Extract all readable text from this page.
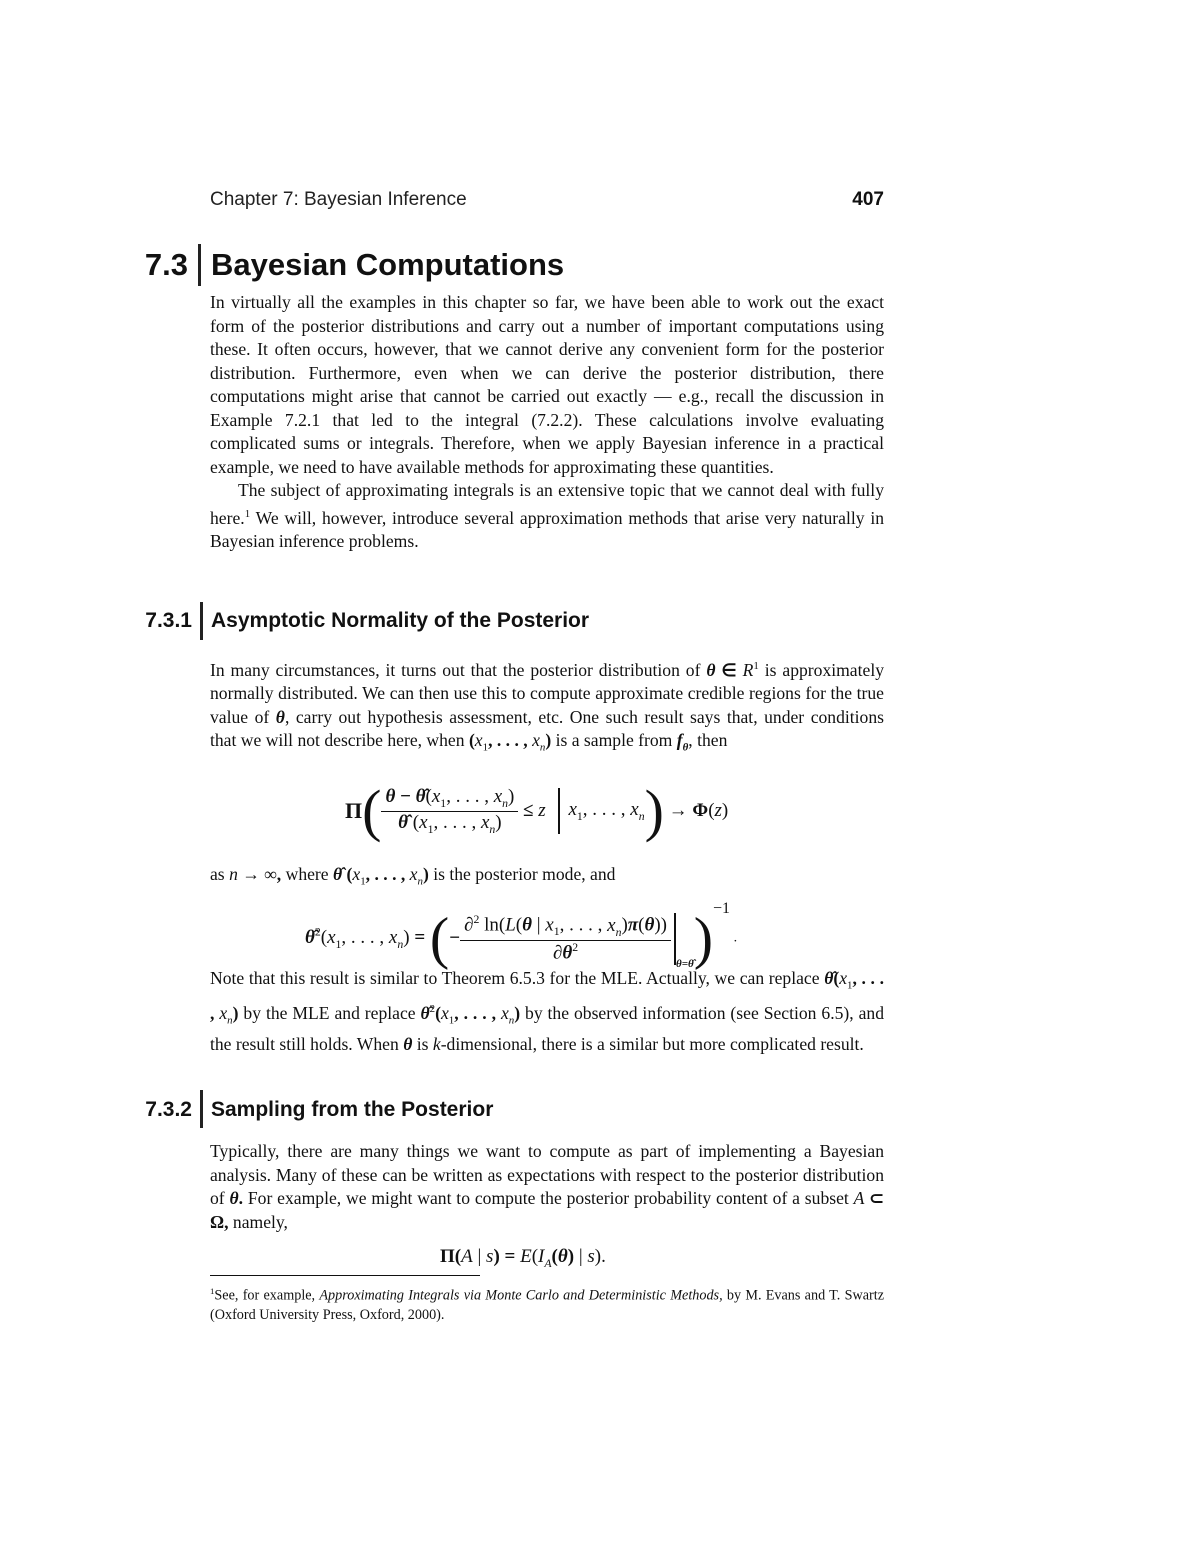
Chapter 7: Bayesian Inference	407
7.3 Bayesian Computations

In virtually all the examples in this chapter so far, we have been able to work out the exact form of the posterior distributions and carry out a number of important computations using these. It often occurs, however, that we cannot derive any convenient form for the posterior distribution. Furthermore, even when we can derive the posterior distribution, there computations might arise that cannot be carried out exactly — e.g., recall the discussion in Example 7.2.1 that led to the integral (7.2.2). These calculations involve evaluating complicated sums or integrals. Therefore, when we apply Bayesian inference in a practical example, we need to have available methods for approximating these quantities.

The subject of approximating integrals is an extensive topic that we cannot deal with fully here.$^1$ We will, however, introduce several approximation methods that arise very naturally in Bayesian inference problems.

7.3.1 Asymptotic Normality of the Posterior

In many circumstances, it turns out that the posterior distribution of θ ∈ $R^1$ is approximately normally distributed. We can then use this to compute approximate credible regions for the true value of θ, carry out hypothesis assessment, etc. One such result says that, under conditions that we will not describe here, when ($x_1$, . . . , $x_n$) is a sample from $f_\theta$, then

$\Pi( \frac{\theta - \thetâ(x_1, . . . , x_n)}{\thetâ (x_1, . . . , x_n)} \le z$ $x_1$, . . . , $x_n) \to \Phi(z)$

as n → ∞, where θ̂ ($x_1$, . . . , $x_n$) is the posterior mode, and

$\thetâ^2(x_1$, . . . , $x_n$) = (− $\frac{\partial^2 \ln(L(\theta | x_1, . . . , x_n)\pi(\theta))}{\partial\theta^2}$
$_{\theta=\thetâ}$)$^{-1}$ .

Note that this result is similar to Theorem 6.5.3 for the MLE. Actually, we can replace $\thetâ(x_1$, . . . , $x_n$) by the MLE and replace $\thetâ^2(x_1$, . . . , $x_n$) by the observed information (see Section 6.5), and the result still holds. When θ is k-dimensional, there is a similar but more complicated result.

7.3.2 Sampling from the Posterior

Typically, there are many things we want to compute as part of implementing a Bayesian analysis. Many of these can be written as expectations with respect to the posterior distribution of θ. For example, we might want to compute the posterior probability content of a subset A ⊂ Ω, namely,

Π(A | $s) = E(I_A(\theta)$ | s).
$^1$See, for example, Approximating Integrals via Monte Carlo and Deterministic Methods, by M. Evans and T. Swartz (Oxford University Press, Oxford, 2000).
